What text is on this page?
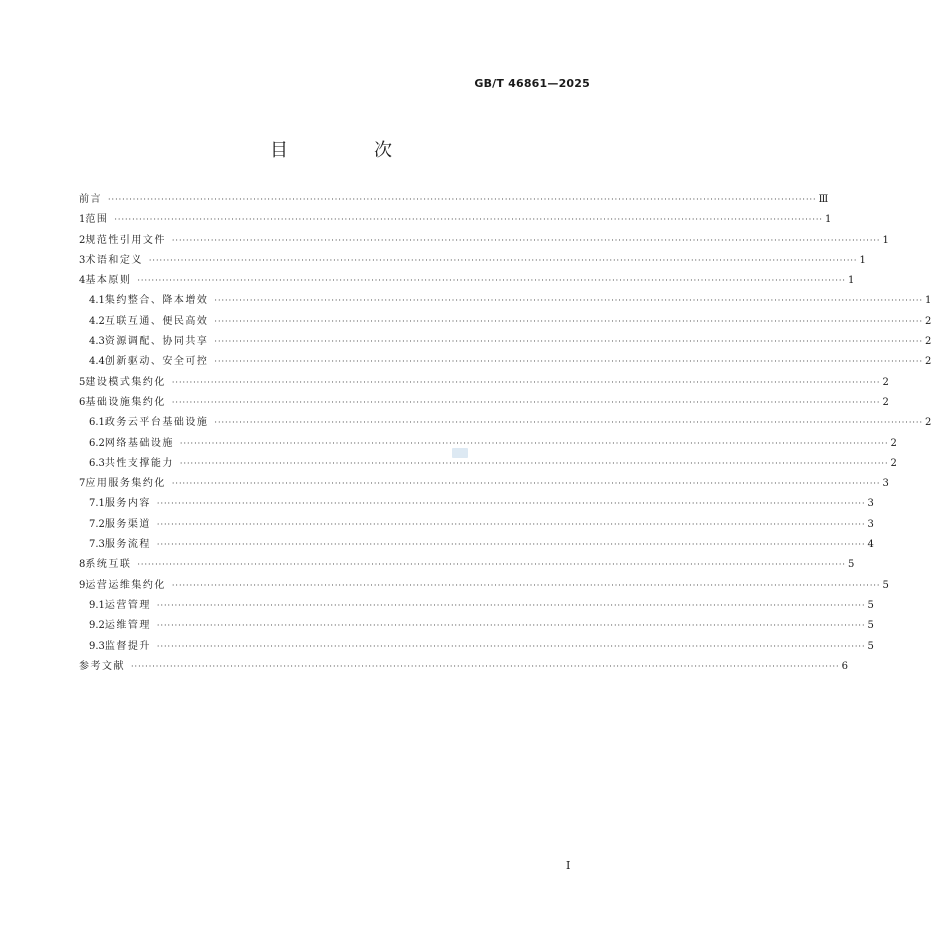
GB/T 46861—2025
目　次
前言 ········································································································································································································ Ⅲ
1 范围 ········································································································································································································ 1
2 规范性引用文件 ········································································································································································································ 1
3 术语和定义 ········································································································································································································ 1
4 基本原则 ········································································································································································································ 1
4.1 集约整合、降本增效 ········································································································································································································ 1
4.2 互联互通、便民高效 ········································································································································································································ 2
4.3 资源调配、协同共享 ········································································································································································································ 2
4.4 创新驱动、安全可控 ········································································································································································································ 2
5 建设模式集约化 ········································································································································································································ 2
6 基础设施集约化 ········································································································································································································ 2
6.1 政务云平台基础设施 ········································································································································································································ 2
6.2 网络基础设施 ········································································································································································································ 2
6.3 共性支撑能力 ········································································································································································································ 2
7 应用服务集约化 ········································································································································································································ 3
7.1 服务内容 ········································································································································································································ 3
7.2 服务渠道 ········································································································································································································ 3
7.3 服务流程 ········································································································································································································ 4
8 系统互联 ········································································································································································································ 5
9 运营运维集约化 ········································································································································································································ 5
9.1 运营管理 ········································································································································································································ 5
9.2 运维管理 ········································································································································································································ 5
9.3 监督提升 ········································································································································································································ 5
参考文献 ········································································································································································································ 6
I
